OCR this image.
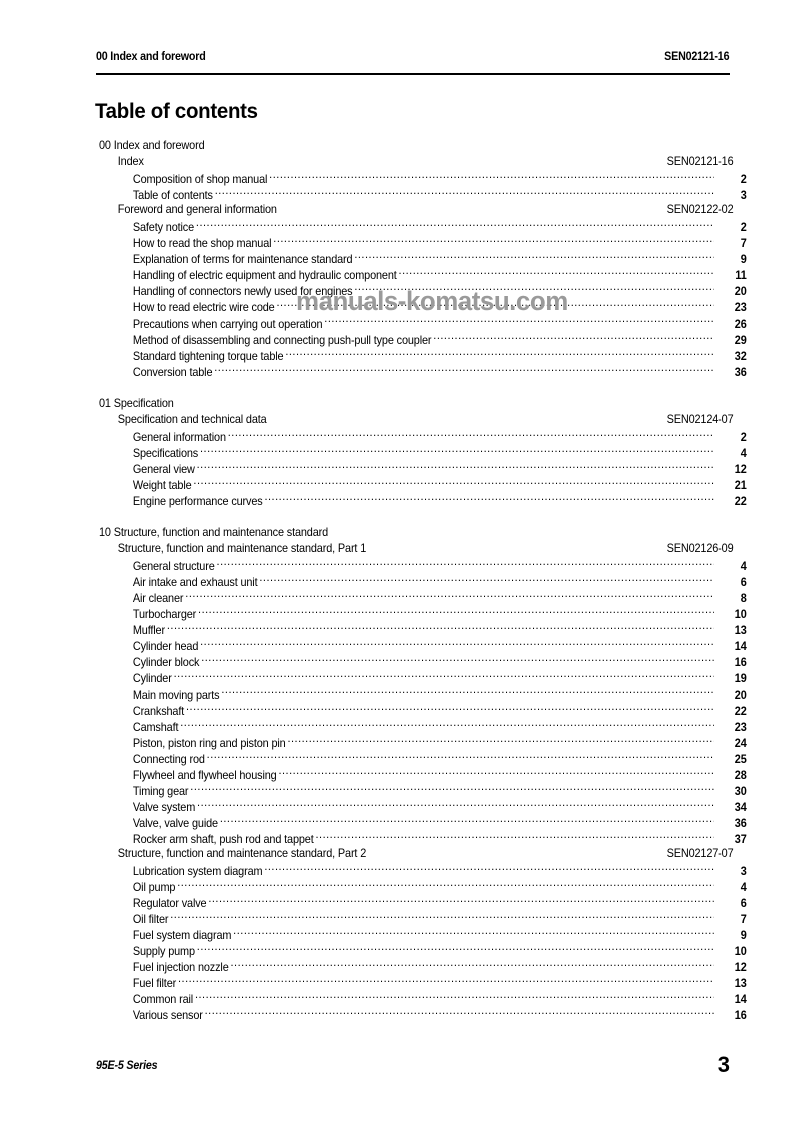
00 Index and foreword	SEN02121-16
Table of contents
00 Index and foreword
Index	SEN02121-16
Composition of shop manual .....	2
Table of contents .....	3
Foreword and general information	SEN02122-02
Safety notice .....	2
How to read the shop manual .....	7
Explanation of terms for maintenance standard .....	9
Handling of electric equipment and hydraulic component .....	11
Handling of connectors newly used for engines .....	20
How to read electric wire code .....	23
Precautions when carrying out operation .....	26
Method of disassembling and connecting push-pull type coupler .....	29
Standard tightening torque table .....	32
Conversion table .....	36
01 Specification
Specification and technical data	SEN02124-07
General information .....	2
Specifications .....	4
General view .....	12
Weight table .....	21
Engine performance curves .....	22
10 Structure, function and maintenance standard
Structure, function and maintenance standard, Part 1	SEN02126-09
General structure .....	4
Air intake and exhaust unit .....	6
Air cleaner .....	8
Turbocharger .....	10
Muffler .....	13
Cylinder head .....	14
Cylinder block .....	16
Cylinder .....	19
Main moving parts .....	20
Crankshaft .....	22
Camshaft .....	23
Piston, piston ring and piston pin .....	24
Connecting rod .....	25
Flywheel and flywheel housing .....	28
Timing gear .....	30
Valve system .....	34
Valve, valve guide .....	36
Rocker arm shaft, push rod and tappet .....	37
Structure, function and maintenance standard, Part 2	SEN02127-07
Lubrication system diagram .....	3
Oil pump .....	4
Regulator valve .....	6
Oil filter .....	7
Fuel system diagram .....	9
Supply pump .....	10
Fuel injection nozzle .....	12
Fuel filter .....	13
Common rail .....	14
Various sensor .....	16
manuals-komatsu.com
95E-5 Series	3
